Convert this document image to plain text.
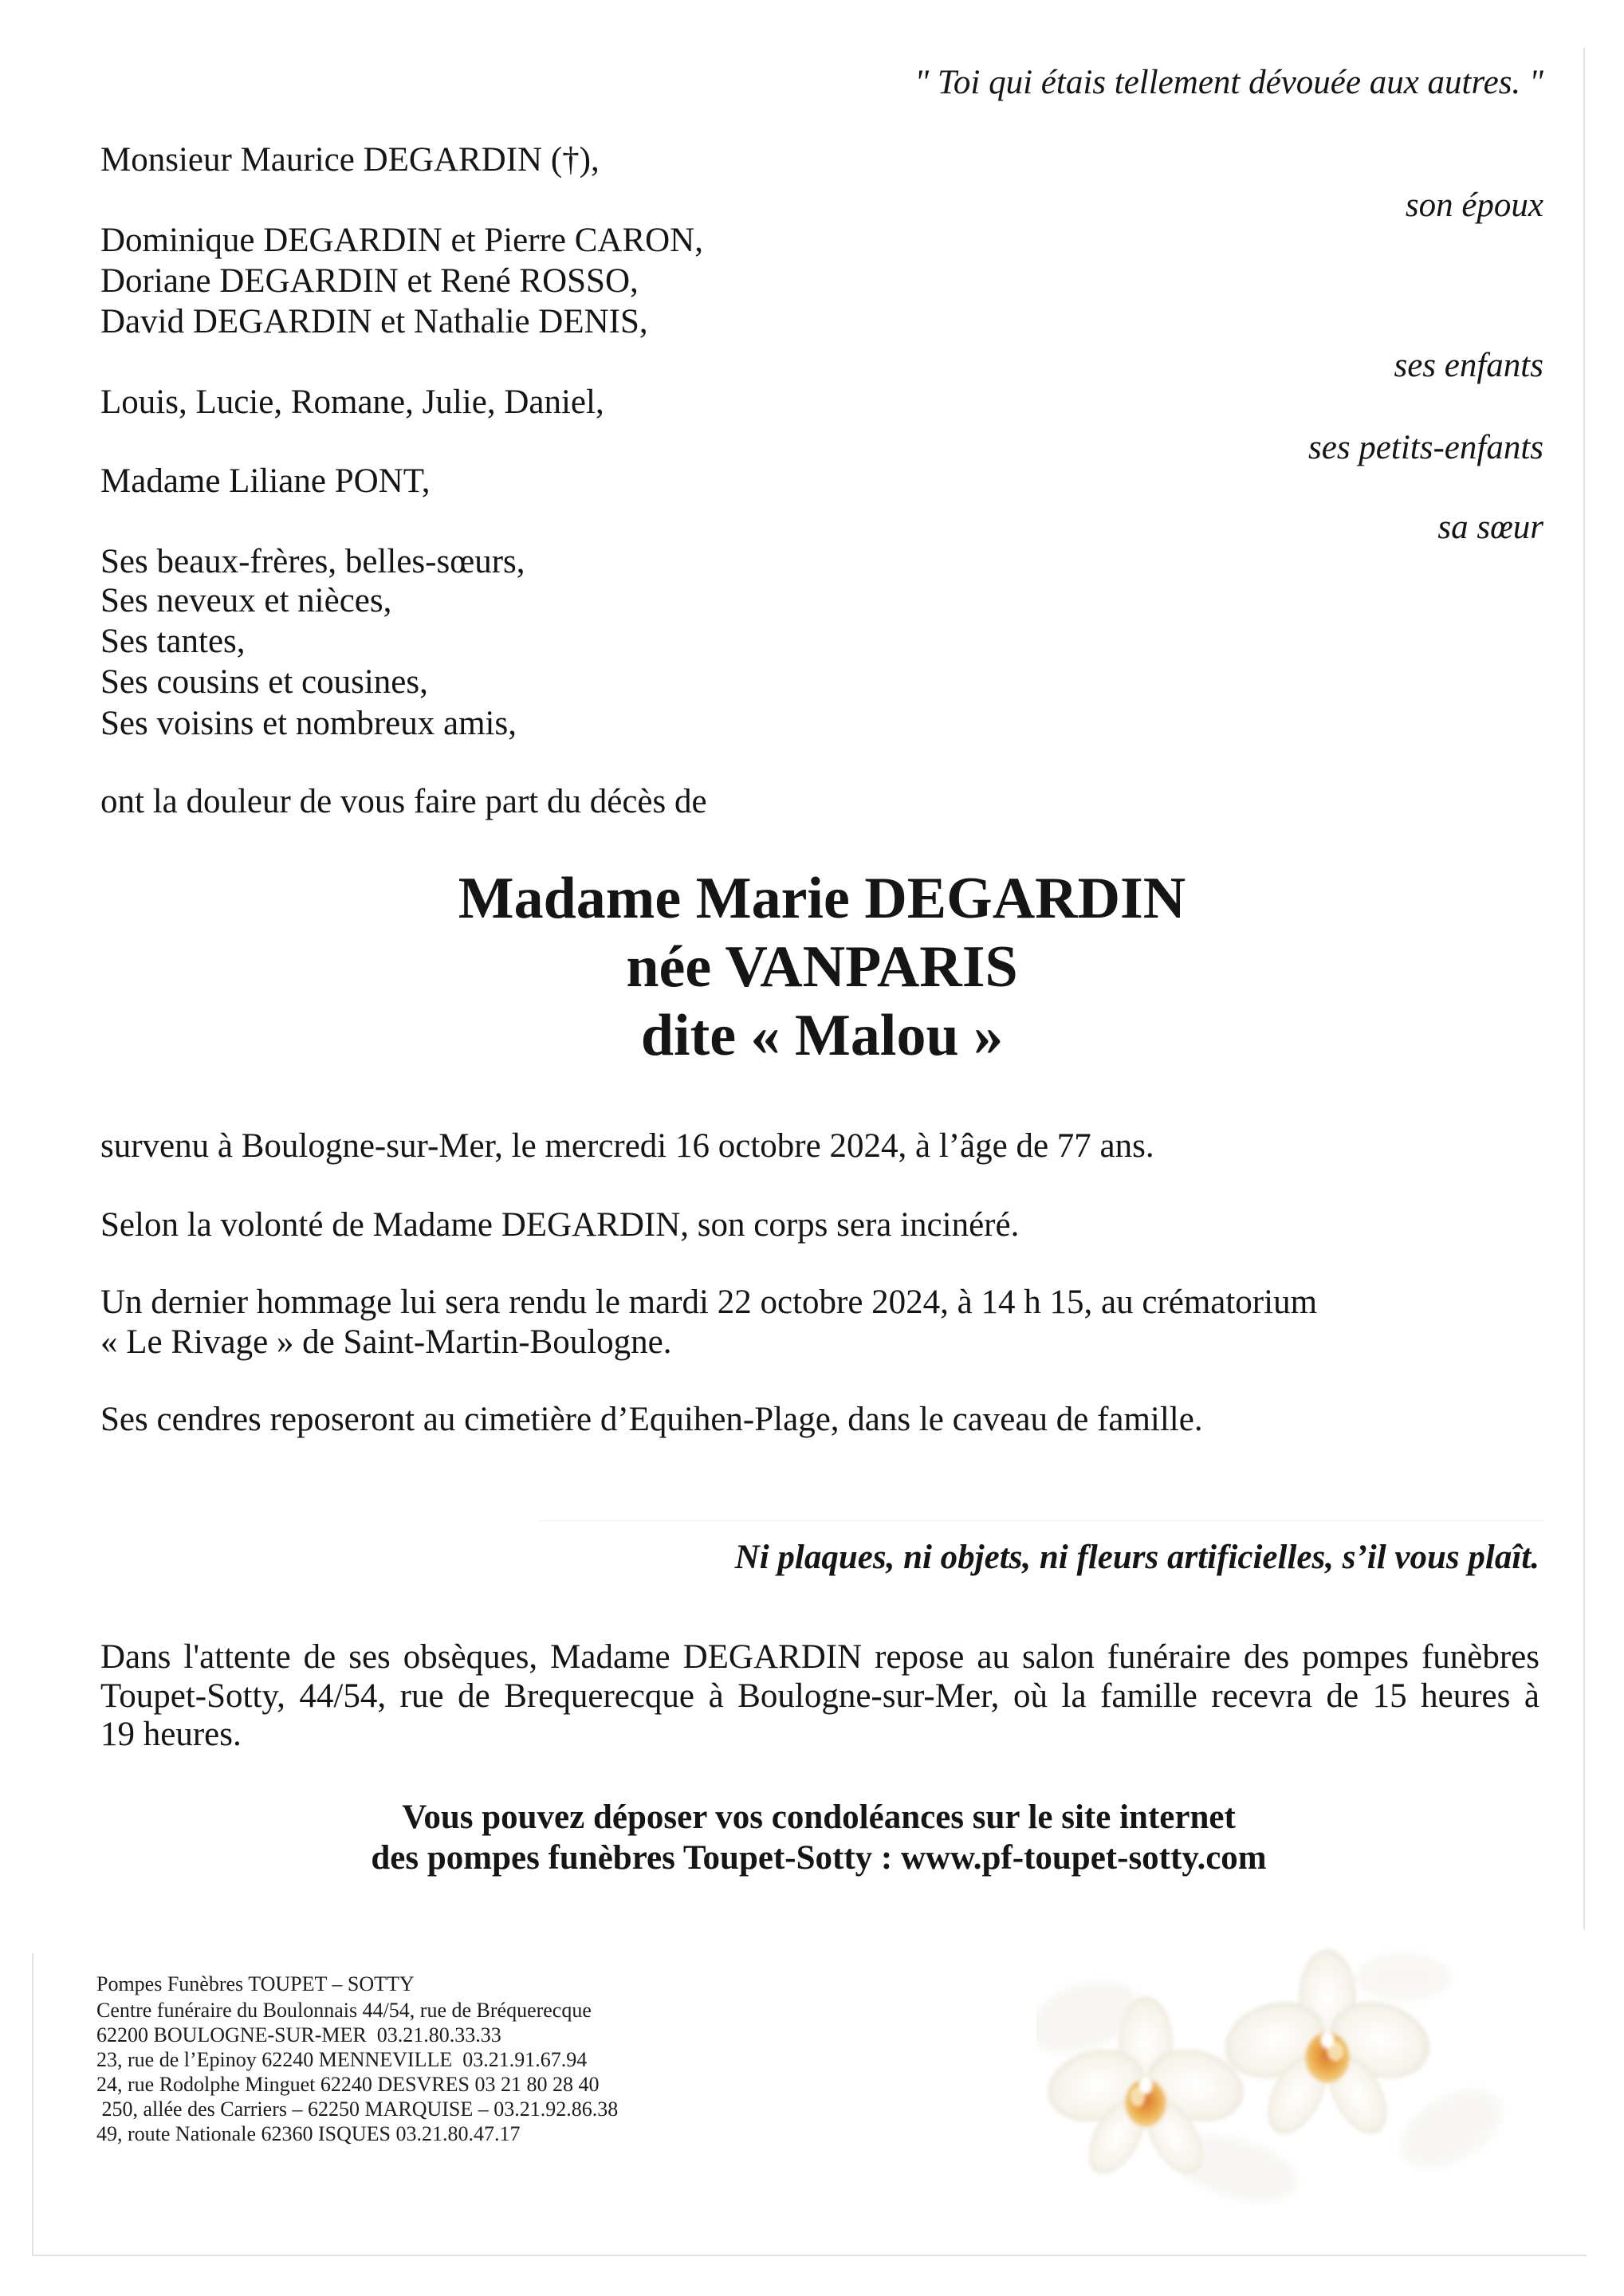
" Toi qui étais tellement dévouée aux autres. "
Monsieur Maurice DEGARDIN (†),
son époux
Dominique DEGARDIN et Pierre CARON,
Doriane DEGARDIN et René ROSSO,
David DEGARDIN et Nathalie DENIS,
ses enfants
Louis, Lucie, Romane, Julie, Daniel,
ses petits-enfants
Madame Liliane PONT,
sa sœur
Ses beaux-frères, belles-sœurs,
Ses neveux et nièces,
Ses tantes,
Ses cousins et cousines,
Ses voisins et nombreux amis,
ont la douleur de vous faire part du décès de
Madame Marie DEGARDIN
née VANPARIS
dite « Malou »
survenu à Boulogne-sur-Mer, le mercredi 16 octobre 2024, à l’âge de 77 ans.
Selon la volonté de Madame DEGARDIN, son corps sera incinéré.
Un dernier hommage lui sera rendu le mardi 22 octobre 2024, à 14 h 15, au crématorium
« Le Rivage » de Saint-Martin-Boulogne.
Ses cendres reposeront au cimetière d’Equihen-Plage, dans le caveau de famille.
Ni plaques, ni objets, ni fleurs artificielles, s’il vous plaît.
Dans l'attente de ses obsèques, Madame DEGARDIN repose au salon funéraire des pompes funèbres
Toupet-Sotty, 44/54, rue de Brequerecque à Boulogne-sur-Mer, où la famille recevra de 15 heures à
19 heures.
Vous pouvez déposer vos condoléances sur le site internet
des pompes funèbres Toupet-Sotty : www.pf-toupet-sotty.com
Pompes Funèbres TOUPET – SOTTY
Centre funéraire du Boulonnais 44/54, rue de Bréquerecque
62200 BOULOGNE-SUR-MER  03.21.80.33.33
23, rue de l’Epinoy 62240 MENNEVILLE  03.21.91.67.94
24, rue Rodolphe Minguet 62240 DESVRES 03 21 80 28 40
250, allée des Carriers – 62250 MARQUISE – 03.21.92.86.38
49, route Nationale 62360 ISQUES 03.21.80.47.17
